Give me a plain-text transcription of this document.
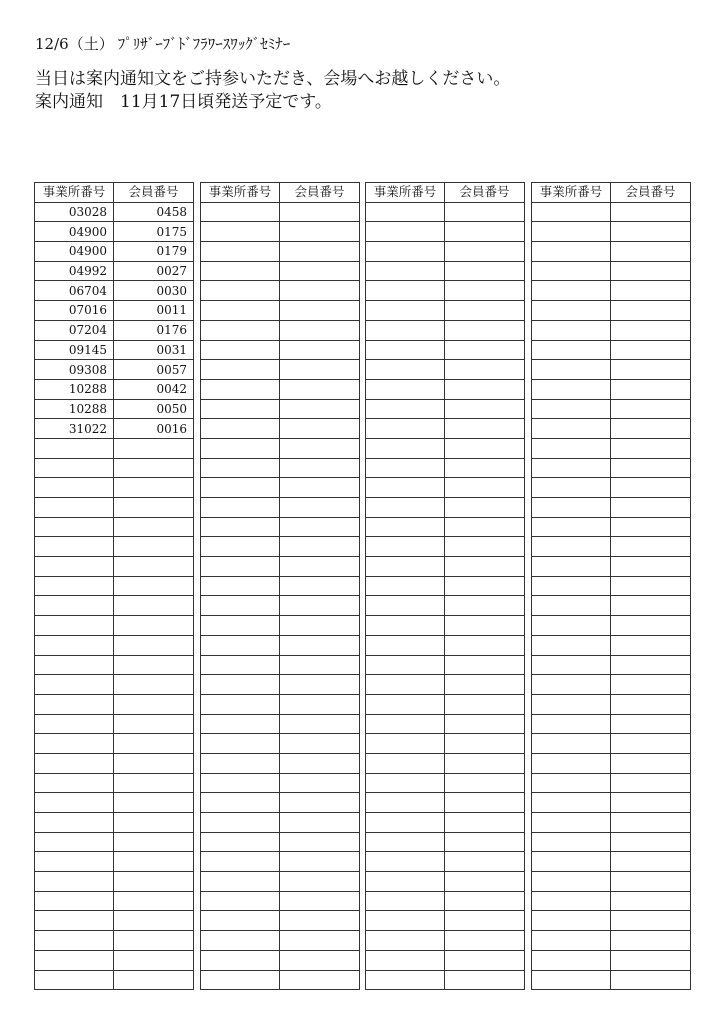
12/6（土） ﾌﾟﾘｻﾞｰﾌﾞﾄﾞﾌﾗﾜｰｽﾜｯｸﾞｾﾐﾅｰ
当日は案内通知文をご持参いただき、会場へお越しください。
案内通知　11月17日頃発送予定です。
事業所番号	会員番号
03028	0458
04900	0175
04900	0179
04992	0027
06704	0030
07016	0011
07204	0176
09145	0031
09308	0057
10288	0042
10288	0050
31022	0016

事業所番号	会員番号

	事業所番号	会員番号

	事業所番号	会員番号
